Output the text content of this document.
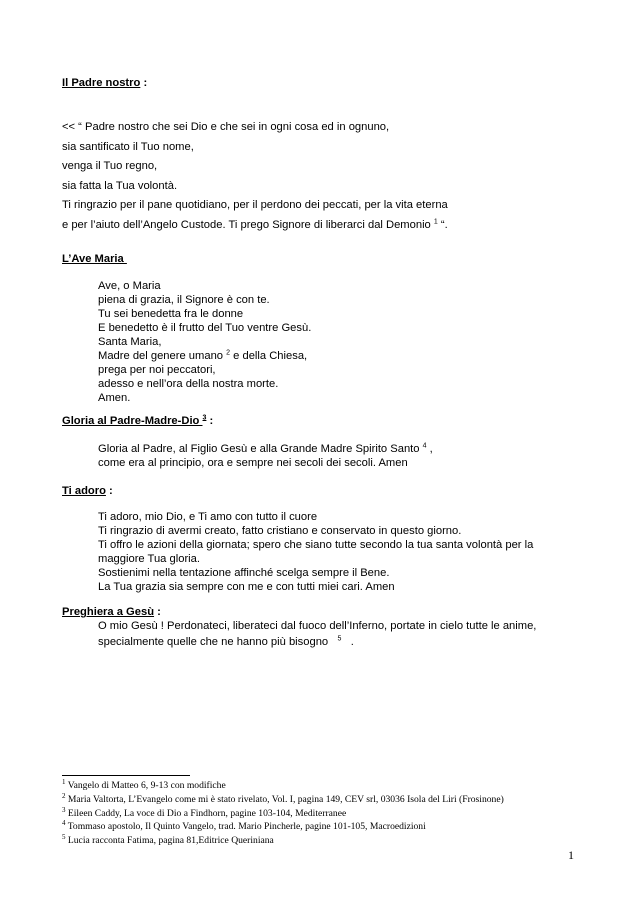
Il Padre nostro :
<< “ Padre nostro che sei Dio e che sei in ogni cosa ed in ognuno,
sia santificato il Tuo nome,
venga il Tuo regno,
sia fatta la Tua volontà.
Ti ringrazio per il pane quotidiano, per il perdono dei peccati, per la vita eterna
e per l’aiuto dell’Angelo Custode. Ti prego Signore di liberarci dal Demonio $^1$ “.
L’Ave Maria
Ave, o Maria
piena di grazia, il Signore è con te.
Tu sei benedetta fra le donne
E benedetto è il frutto del Tuo ventre Gesù.
Santa Maria,
Madre del genere umano $^2$ e della Chiesa,
prega per noi peccatori,
adesso e nell’ora della nostra morte.
Amen.
Gloria al Padre-Madre-Dio $^3$ :
Gloria al Padre, al Figlio Gesù e alla Grande Madre Spirito Santo $^4$ ,
come era al principio, ora e sempre nei secoli dei secoli. Amen
Ti adoro :
Ti adoro, mio Dio, e Ti amo con tutto il cuore
Ti ringrazio di avermi creato, fatto cristiano e conservato in questo giorno.
Ti offro le azioni della giornata; spero che siano tutte secondo la tua santa volontà per la
maggiore Tua gloria.
Sostienimi nella tentazione affinché scelga sempre il Bene.
La Tua grazia sia sempre con me e con tutti miei cari. Amen
Preghiera a Gesù :
O mio Gesù ! Perdonateci, liberateci dal fuoco dell’Inferno, portate in cielo tutte le anime,
specialmente quelle che ne hanno più bisogno $^5$   .
$^1$ Vangelo di Matteo 6, 9-13 con modifiche
$^2$ Maria Valtorta, L’Evangelo come mi è stato rivelato, Vol. I, pagina 149, CEV srl, 03036 Isola del Liri (Frosinone)
$^3$ Eileen Caddy, La voce di Dio a Findhorn, pagine 103-104, Mediterranee
$^4$ Tommaso apostolo, Il Quinto Vangelo, trad. Mario Pincherle, pagine 101-105, Macroedizioni
$^5$ Lucia racconta Fatima, pagina 81,Editrice Queriniana
1
